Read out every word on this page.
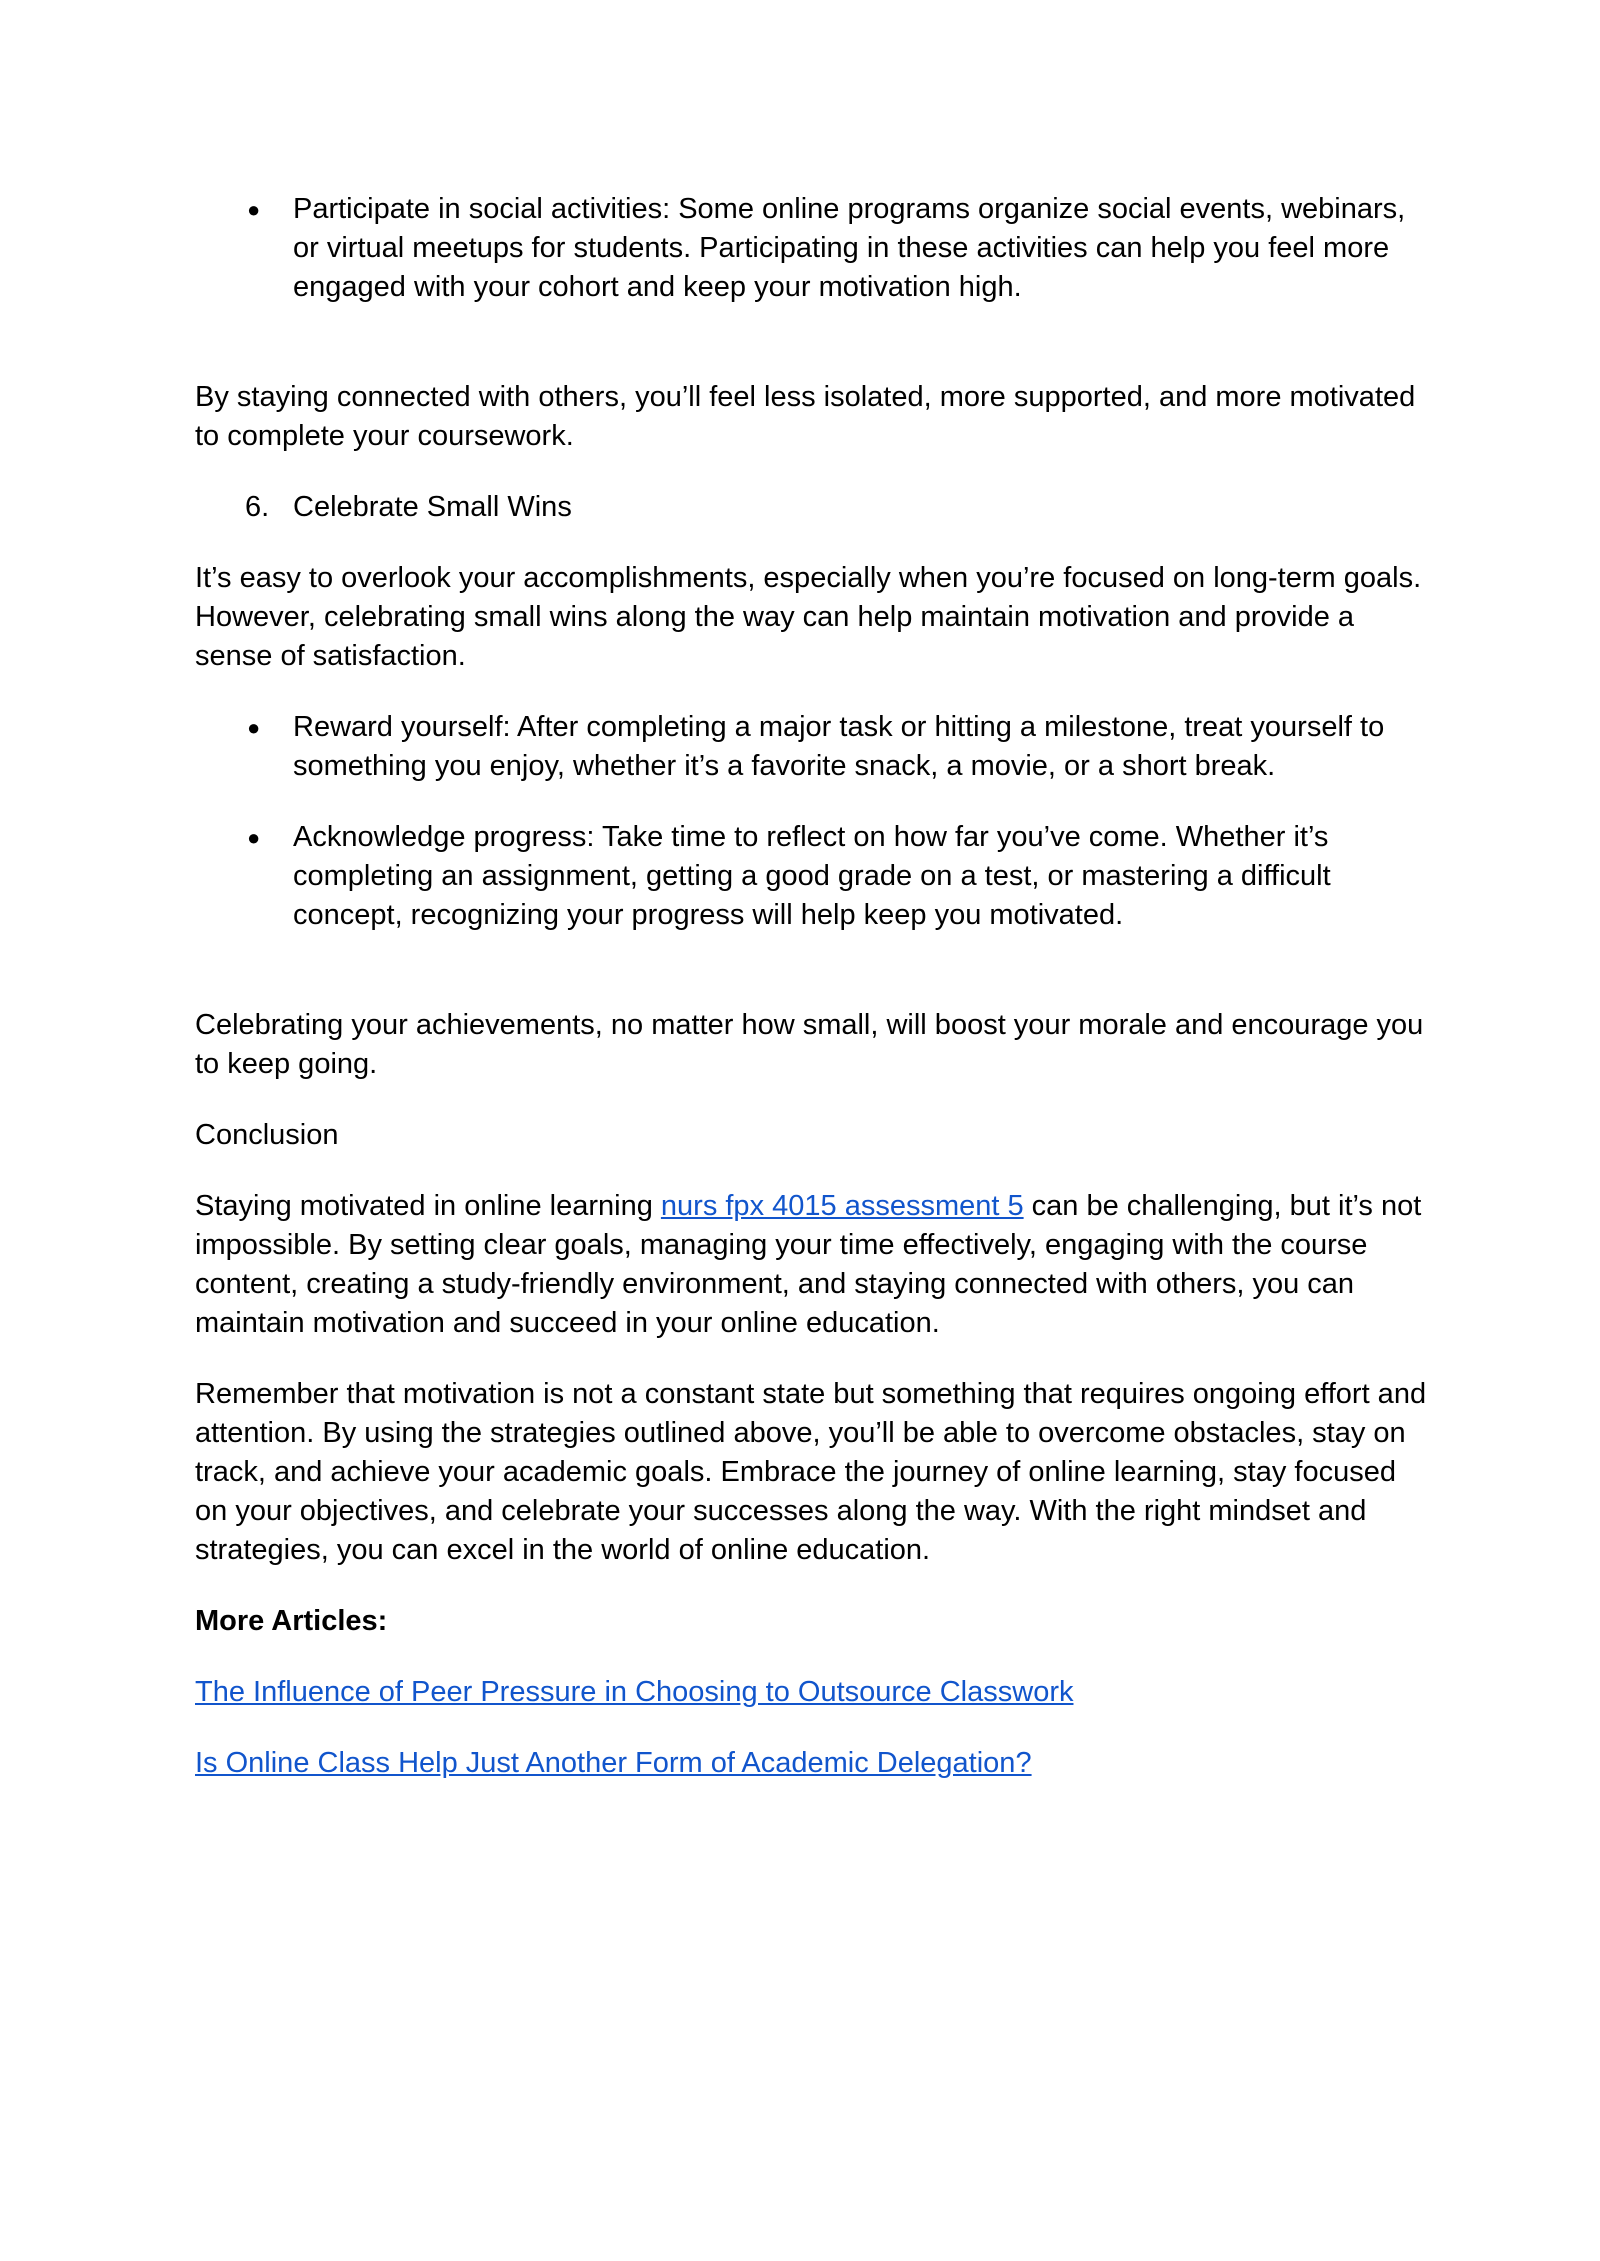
● Participate in social activities: Some online programs organize social events, webinars, or virtual meetups for students. Participating in these activities can help you feel more engaged with your cohort and keep your motivation high.

By staying connected with others, you’ll feel less isolated, more supported, and more motivated to complete your coursework.

6. Celebrate Small Wins

It’s easy to overlook your accomplishments, especially when you’re focused on long-term goals. However, celebrating small wins along the way can help maintain motivation and provide a sense of satisfaction.

● Reward yourself: After completing a major task or hitting a milestone, treat yourself to something you enjoy, whether it’s a favorite snack, a movie, or a short break.

● Acknowledge progress: Take time to reflect on how far you’ve come. Whether it’s completing an assignment, getting a good grade on a test, or mastering a difficult concept, recognizing your progress will help keep you motivated.

Celebrating your achievements, no matter how small, will boost your morale and encourage you to keep going.

Conclusion

Staying motivated in online learning nurs fpx 4015 assessment 5 can be challenging, but it’s not impossible. By setting clear goals, managing your time effectively, engaging with the course content, creating a study-friendly environment, and staying connected with others, you can maintain motivation and succeed in your online education.

Remember that motivation is not a constant state but something that requires ongoing effort and attention. By using the strategies outlined above, you’ll be able to overcome obstacles, stay on track, and achieve your academic goals. Embrace the journey of online learning, stay focused on your objectives, and celebrate your successes along the way. With the right mindset and strategies, you can excel in the world of online education.

More Articles:

The Influence of Peer Pressure in Choosing to Outsource Classwork

Is Online Class Help Just Another Form of Academic Delegation?
